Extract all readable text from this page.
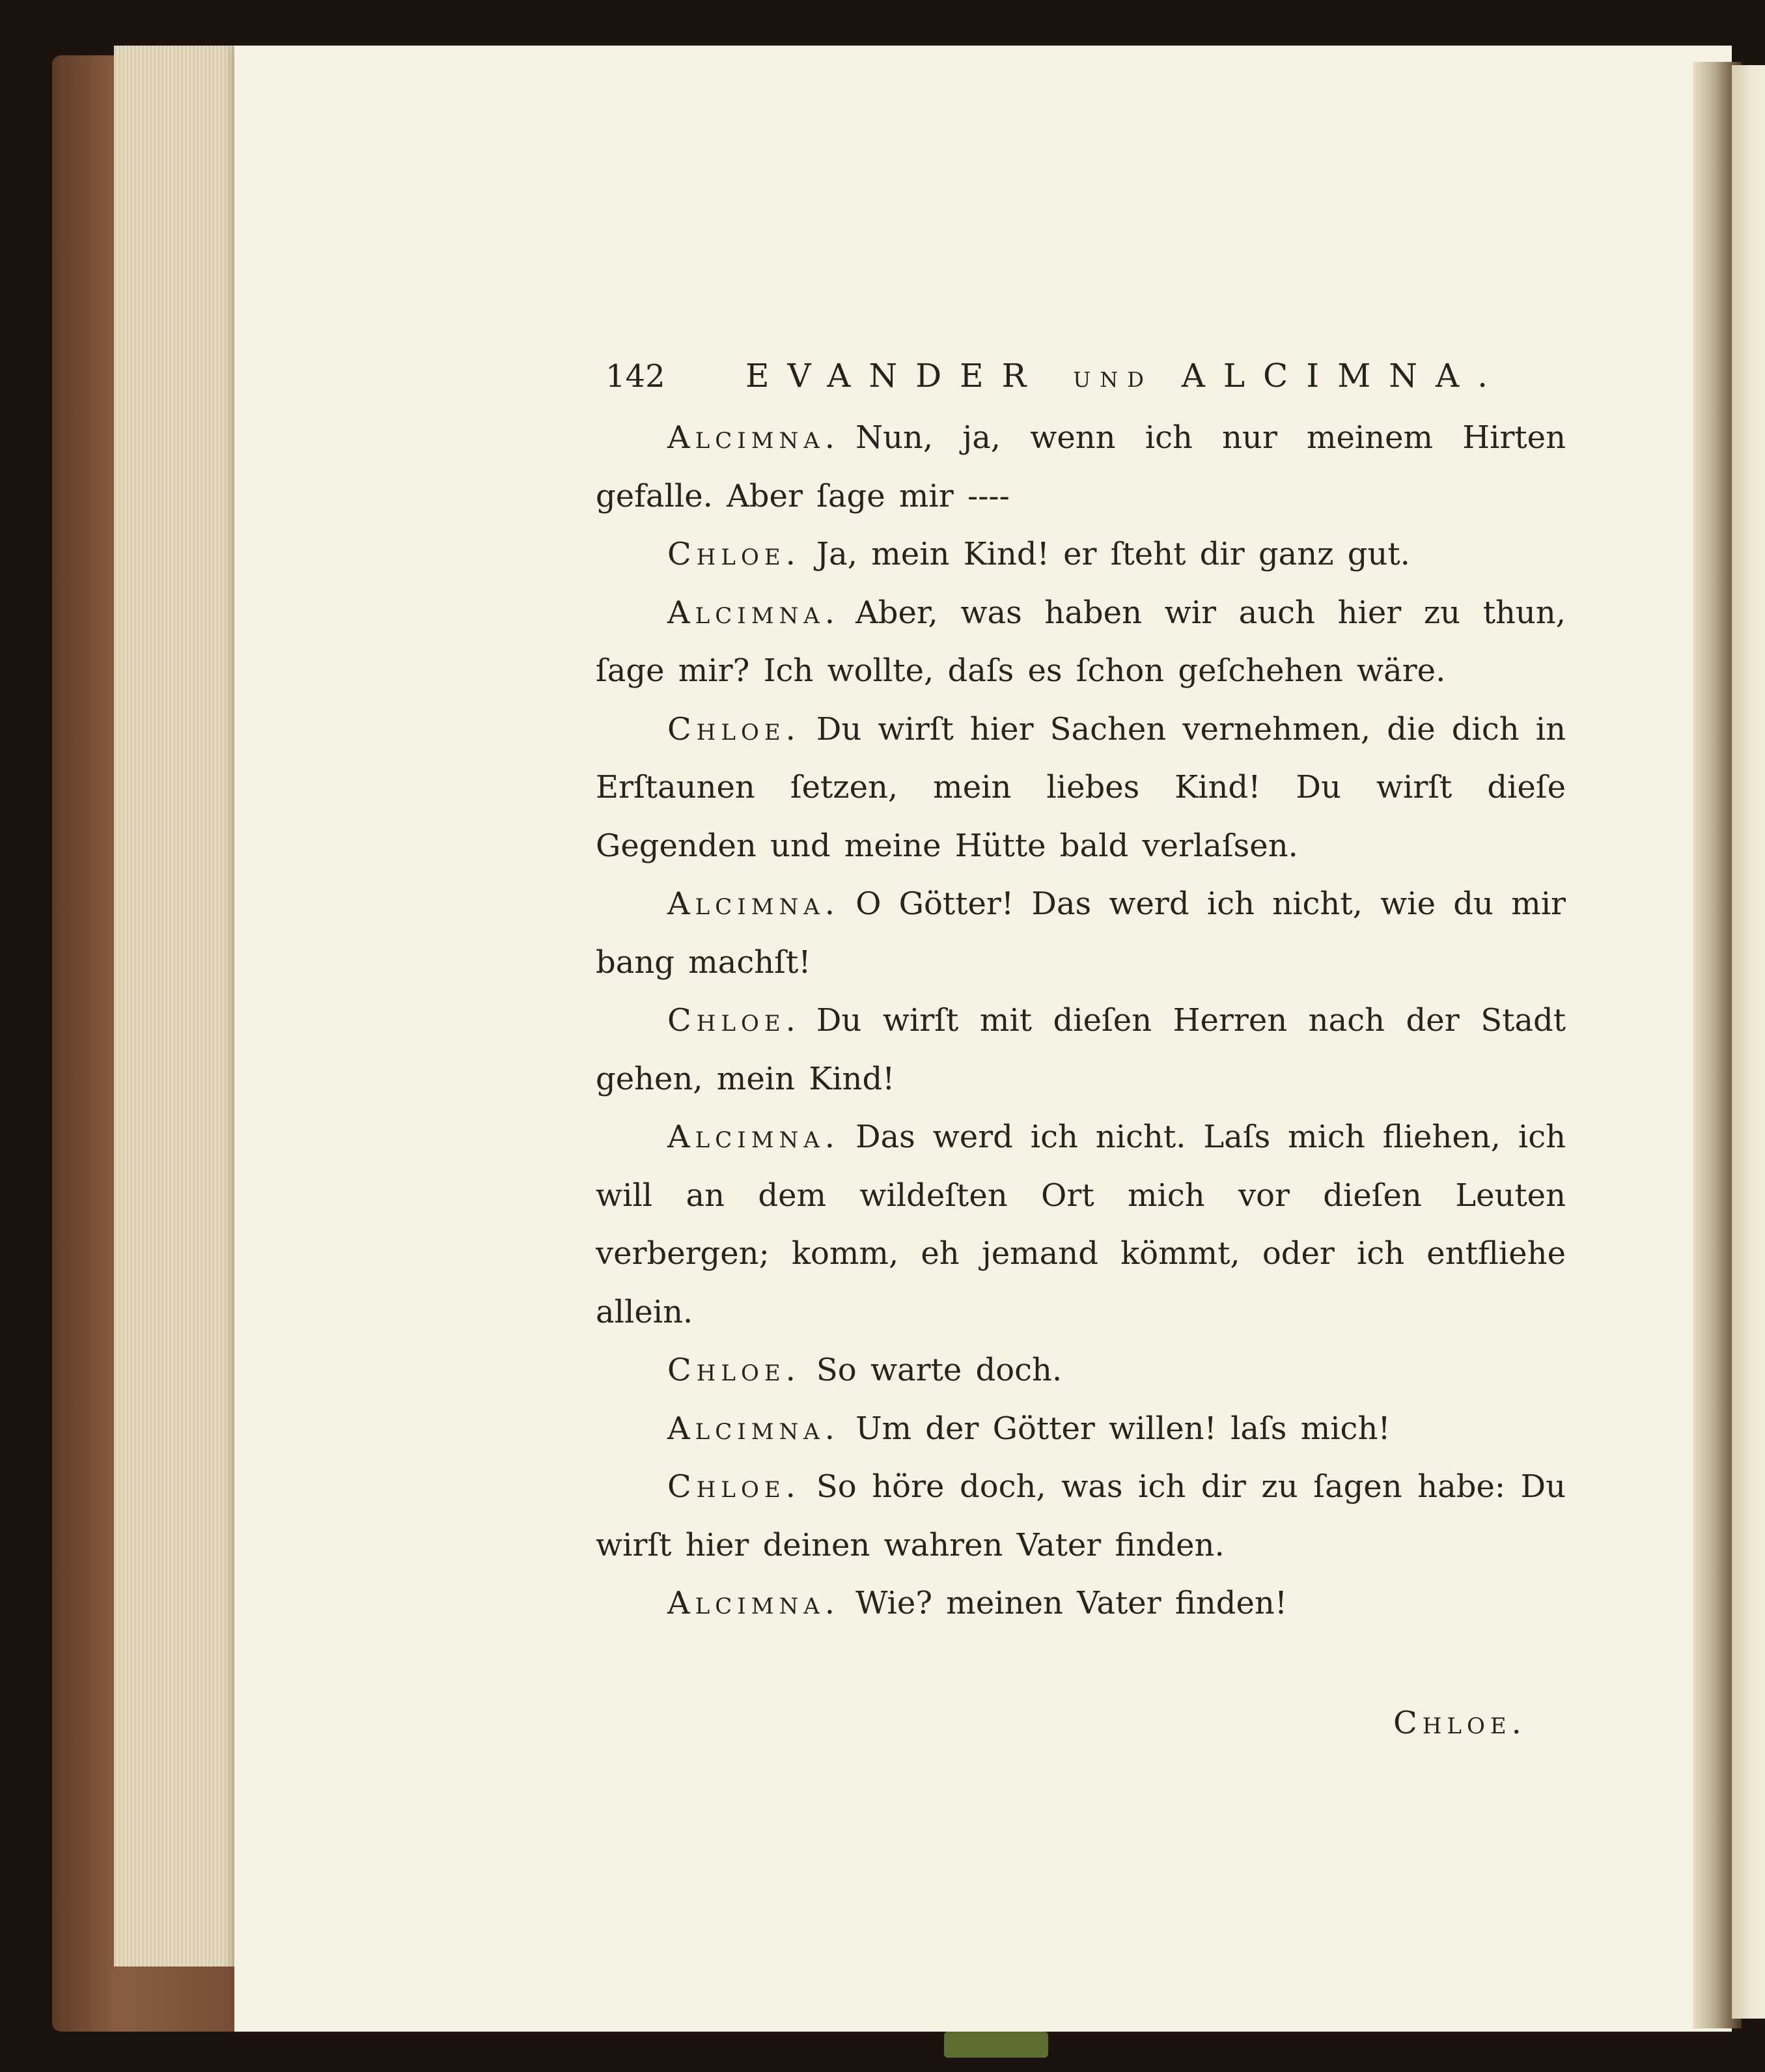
142 EVANDER UND ALCIMNA.

Alcimna. Nun, ja, wenn ich nur meinem Hirten gefalle. Aber ſage mir ----

Chloe. Ja, mein Kind! er ſteht dir ganz gut.

Alcimna. Aber, was haben wir auch hier zu thun, ſage mir? Ich wollte, daſs es ſchon geſchehen wäre.

Chloe. Du wirſt hier Sachen vernehmen, die dich in Erſtaunen ſetzen, mein liebes Kind! Du wirſt dieſe Gegenden und meine Hütte bald verlaſsen.

Alcimna. O Götter! Das werd ich nicht, wie du mir bang machſt!

Chloe. Du wirſt mit dieſen Herren nach der Stadt gehen, mein Kind!

Alcimna. Das werd ich nicht. Laſs mich fliehen, ich will an dem wildeſten Ort mich vor dieſen Leuten verbergen; komm, eh jemand kömmt, oder ich entfliehe allein.

Chloe. So warte doch.

Alcimna. Um der Götter willen! laſs mich!

Chloe. So höre doch, was ich dir zu ſagen habe: Du wirſt hier deinen wahren Vater finden.

Alcimna. Wie? meinen Vater finden!

Chloe.
